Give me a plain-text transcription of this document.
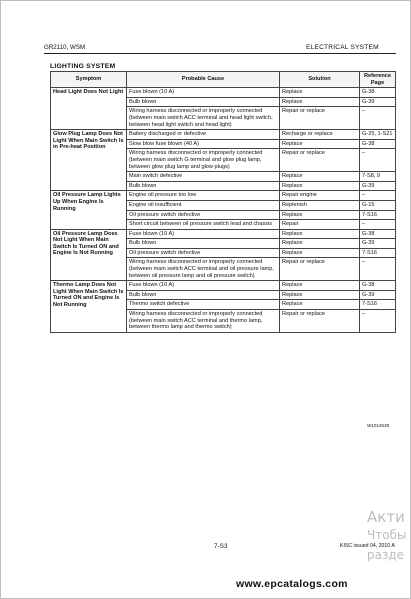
GR2110, WSM	ELECTRICAL SYSTEM
LIGHTING SYSTEM
Symptom	Probable Cause	Solution	Reference Page
Head Light Does Not Light	Fuse blown (10 A)	Replace	G-38
	Bulb blown	Replace	G-39
	Wiring harness disconnected or improperly connected (between main switch ACC terminal and head light switch, between head light switch and head light)	Repair or replace	–
Glow Plug Lamp Does Not Light When Main Switch Is in Pre-heat Position	Battery discharged or defective	Recharge or replace	G-25, 1-S21
	Slow blow fuse blown (40 A)	Replace	G-38
	Wiring harness disconnected or improperly connected (between main switch G terminal and glow plug lamp, between glow plug lamp and glow plugs)	Repair or replace	–
	Main switch defective	Replace	7-S8, 9
	Bulb blown	Replace	G-39
Oil Pressure Lamp Lights Up When Engine Is Running	Engine oil pressure too low	Repair engine	–
	Engine oil insufficient	Replenish	G-15
	Oil pressure switch defective	Replace	7-S16
	Short circuit between oil pressure switch lead and chassis	Repair	–
Oil Pressure Lamp Does Not Light When Main Switch Is Turned ON and Engine Is Not Running	Fuse blown (10 A)	Replace	G-38
	Bulb blown	Replace	G-39
	Oil pressure switch defective	Replace	7-S16
	Wiring harness disconnected or improperly connected (between main switch ACC terminal and oil pressure lamp, between oil pressure lamp and oil pressure switch)	Repair or replace	–
Thermo Lamp Does Not Light When Main Switch Is Turned ON and Engine Is Not Running	Fuse blown (10 A)	Replace	G-38
	Bulb blown	Replace	G-39
	Thermo switch defective	Replace	7-S16
	Wiring harness disconnected or improperly connected (between main switch ACC terminal and thermo lamp, between thermo lamp and thermo switch)	Repair or replace	–
W1012630
Акти
Чтобы
разде
7-S3	KISC issued 04, 2010 A
www.epcatalogs.com
